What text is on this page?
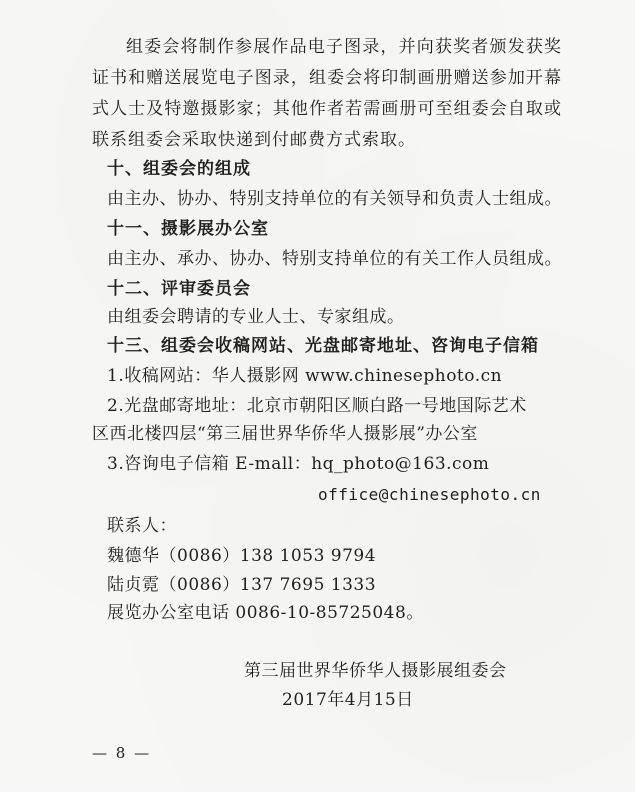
组委会将制作参展作品电子图录，并向获奖者颁发获奖证书和赠送展览电子图录，组委会将印制画册赠送参加开幕式人士及特邀摄影家；其他作者若需画册可至组委会自取或联系组委会采取快递到付邮费方式索取。
十、组委会的组成
由主办、协办、特别支持单位的有关领导和负责人士组成。
十一、摄影展办公室
由主办、承办、协办、特别支持单位的有关工作人员组成。
十二、评审委员会
由组委会聘请的专业人士、专家组成。
十三、组委会收稿网站、光盘邮寄地址、咨询电子信箱
1.收稿网站：华人摄影网 www.chinesephoto.cn
2.光盘邮寄地址：北京市朝阳区顺白路一号地国际艺术
区西北楼四层“第三届世界华侨华人摄影展”办公室
3.咨询电子信箱 E-mall：hq_photo@163.com
office@chinesephoto.cn
联系人：
魏德华（0086）138 1053 9794
陆贞霓（0086）137 7695 1333
展览办公室电话 0086-10-85725048。
第三届世界华侨华人摄影展组委会
2017年4月15日
— 8 —
